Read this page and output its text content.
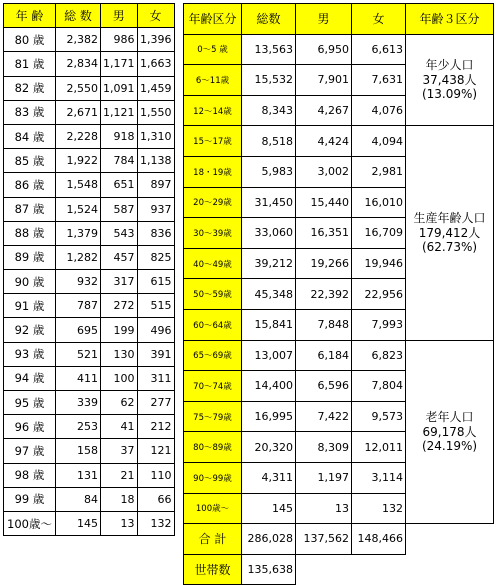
年 齢	総 数	男	女
80 歳	2,382	986	1,396
81 歳	2,834	1,171	1,663
82 歳	2,550	1,091	1,459
83 歳	2,671	1,121	1,550
84 歳	2,228	918	1,310
85 歳	1,922	784	1,138
86 歳	1,548	651	897
87 歳	1,524	587	937
88 歳	1,379	543	836
89 歳	1,282	457	825
90 歳	932	317	615
91 歳	787	272	515
92 歳	695	199	496
93 歳	521	130	391
94 歳	411	100	311
95 歳	339	62	277
96 歳	253	41	212
97 歳	158	37	121
98 歳	131	21	110
99 歳	84	18	66
100歳〜	145	13	132
年齢区分	総数	男	女	年齢３区分
0〜5 歳	13,563	6,950	6,613	年少人口
37,438人
(13.09%)

6〜11歳	15,532	7,901	7,631	
12〜14歳	8,343	4,267	4,076	
15〜17歳	8,518	4,424	4,094	生産年齢人口
179,412人
(62.73%)

18・19歳	5,983	3,002	2,981	
20〜29歳	31,450	15,440	16,010	
30〜39歳	33,060	16,351	16,709	
40〜49歳	39,212	19,266	19,946	
50〜59歳	45,348	22,392	22,956	
60〜64歳	15,841	7,848	7,993	
65〜69歳	13,007	6,184	6,823	老年人口
69,178人
(24.19%)

70〜74歳	14,400	6,596	7,804	
75〜79歳	16,995	7,422	9,573	
80〜89歳	20,320	8,309	12,011	
90〜99歳	4,311	1,197	3,114	
100歳〜	145	13	132	
合 計	286,028	137,562	148,466	
世帯数	135,638			
